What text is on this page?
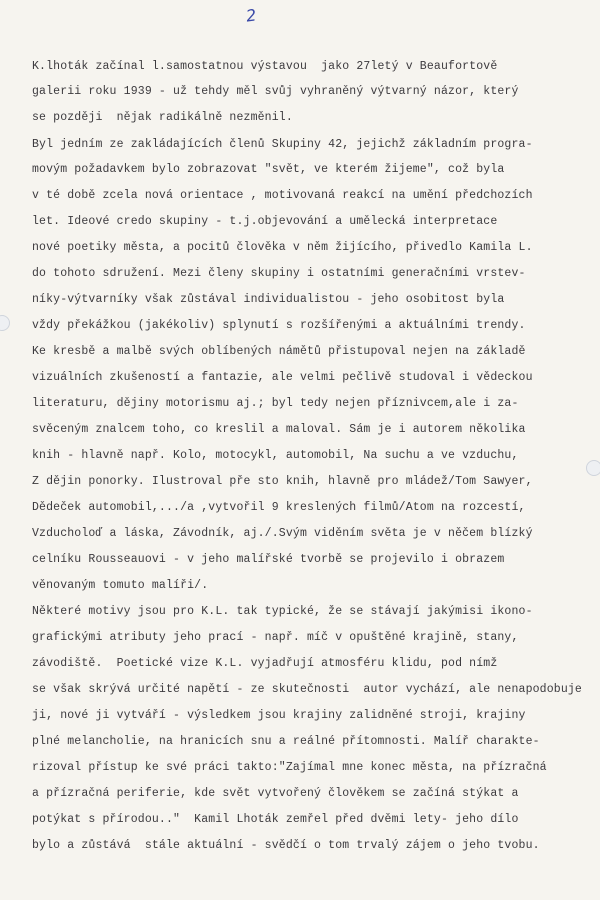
2
K.lhoták začínal l.samostatnou výstavou  jako 27letý v Beaufortově
galerii roku 1939 - už tehdy měl svůj vyhraněný výtvarný názor, který
se později  nějak radikálně nezměnil.
Byl jedním ze zakládajících členů Skupiny 42, jejichž základním progra-
movým požadavkem bylo zobrazovat "svět, ve kterém žijeme", což byla
v té době zcela nová orientace , motivovaná reakcí na umění předchozích
let. Ideové credo skupiny - t.j.objevování a umělecká interpretace
nové poetiky města, a pocitů člověka v něm žijícího, přivedlo Kamila L.
do tohoto sdružení. Mezi členy skupiny i ostatními generačními vrstev-
níky-výtvarníky však zůstával individualistou - jeho osobitost byla
vždy překážkou (jakékoliv) splynutí s rozšířenými a aktuálními trendy.
Ke kresbě a malbě svých oblíbených námětů přistupoval nejen na základě
vizuálních zkušeností a fantazie, ale velmi pečlivě studoval i vědeckou
literaturu, dějiny motorismu aj.; byl tedy nejen příznivcem,ale i za-
svěceným znalcem toho, co kreslil a maloval. Sám je i autorem několika
knih - hlavně např. Kolo, motocykl, automobil, Na suchu a ve vzduchu,
Z dějin ponorky. Ilustroval pře sto knih, hlavně pro mládež/Tom Sawyer,
Dědeček automobil,.../a ,vytvořil 9 kreslených filmů/Atom na rozcestí,
Vzducholoď a láska, Závodník, aj./.Svým viděním světa je v něčem blízký
celníku Rousseauovi - v jeho malířské tvorbě se projevilo i obrazem
věnovaným tomuto malíři/.
Některé motivy jsou pro K.L. tak typické, že se stávají jakýmisi ikono-
grafickými atributy jeho prací - např. míč v opuštěné krajině, stany,
závodiště.  Poetické vize K.L. vyjadřují atmosféru klidu, pod nímž
se však skrývá určité napětí - ze skutečnosti  autor vychází, ale nenapodobuje
ji, nové ji vytváří - výsledkem jsou krajiny zalidněné stroji, krajiny
plné melancholie, na hranicích snu a reálné přítomnosti. Malíř charakte-
rizoval přístup ke své práci takto:"Zajímal mne konec města, na přízračná
a přízračná periferie, kde svět vytvořený člověkem se začíná stýkat a
potýkat s přírodou.."  Kamil Lhoták zemřel před dvěmi lety- jeho dílo
bylo a zůstává  stále aktuální - svědčí o tom trvalý zájem o jeho tvobu.
